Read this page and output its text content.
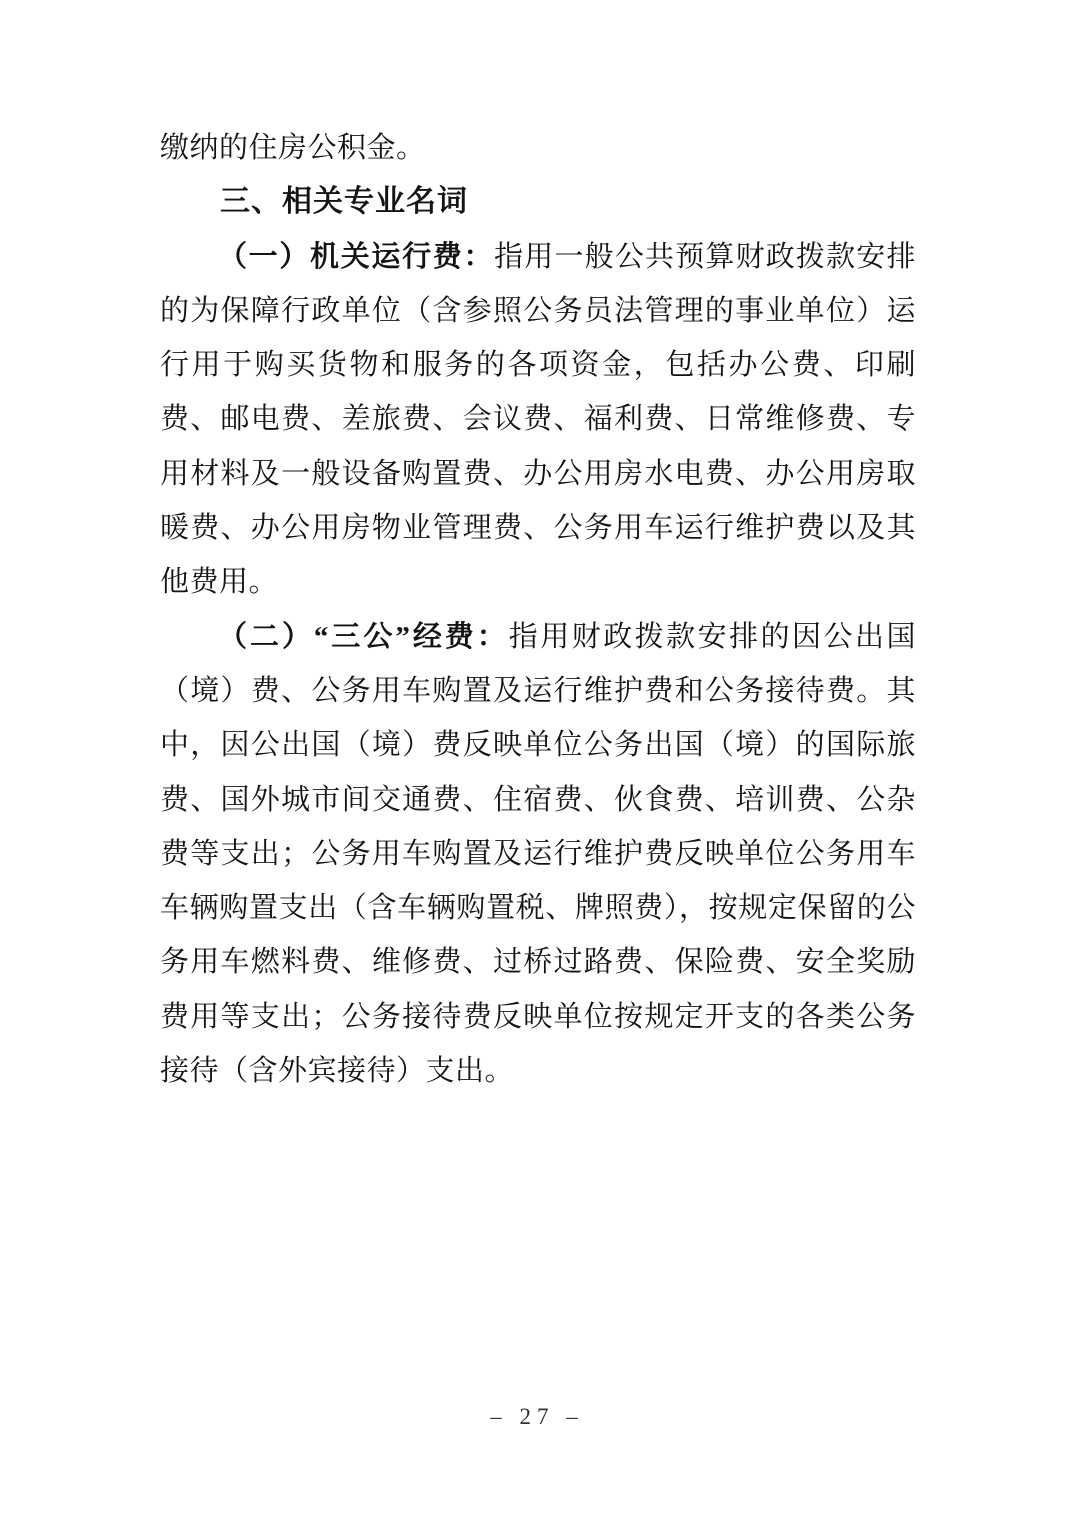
缴纳的住房公积金。
三、相关专业名词

（一）机关运行费：指用一般公共预算财政拨款安排的为保障行政单位（含参照公务员法管理的事业单位）运行用于购买货物和服务的各项资金，包括办公费、印刷费、邮电费、差旅费、会议费、福利费、日常维修费、专用材料及一般设备购置费、办公用房水电费、办公用房取暖费、办公用房物业管理费、公务用车运行维护费以及其他费用。

（二）“三公”经费：指用财政拨款安排的因公出国（境）费、公务用车购置及运行维护费和公务接待费。其中，因公出国（境）费反映单位公务出国（境）的国际旅费、国外城市间交通费、住宿费、伙食费、培训费、公杂费等支出；公务用车购置及运行维护费反映单位公务用车车辆购置支出（含车辆购置税、牌照费），按规定保留的公务用车燃料费、维修费、过桥过路费、保险费、安全奖励费用等支出；公务接待费反映单位按规定开支的各类公务接待（含外宾接待）支出。

– 27 –
